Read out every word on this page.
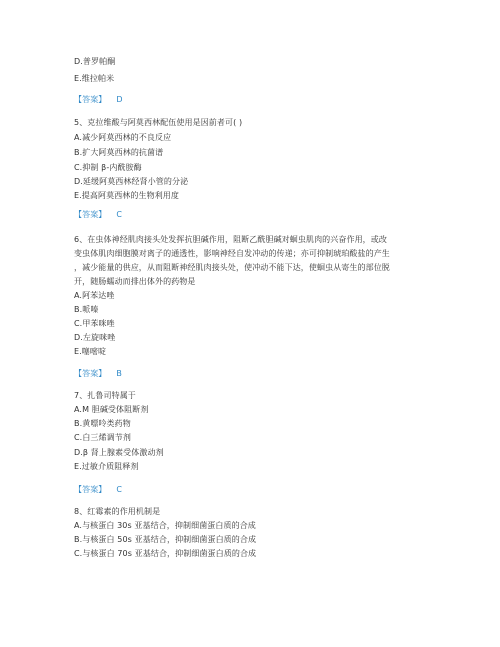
D.普罗帕酮
E.维拉帕米
【答案】 D
5、克拉维酸与阿莫西林配伍使用是因前者可( )
A.减少阿莫西林的不良反应
B.扩大阿莫西林的抗菌谱
C.抑制 β-内酰胺酶
D.延缓阿莫西林经肾小管的分泌
E.提高阿莫西林的生物利用度
【答案】 C
6、在虫体神经肌肉接头处发挥抗胆碱作用，阻断乙酰胆碱对蛔虫肌肉的兴奋作用，或改
变虫体肌肉细胞膜对离子的通透性，影响神经自发冲动的传递；亦可抑制琥珀酸盐的产生
，减少能量的供应，从而阻断神经肌肉接头处，使冲动不能下达，使蛔虫从寄生的部位脱
开，随肠蠕动而排出体外的药物是
A.阿苯达唑
B.哌嗪
C.甲苯咪唑
D.左旋咪唑
E.噻嘧啶
【答案】 B
7、扎鲁司特属于
A.M 胆碱受体阻断剂
B.黄嘌呤类药物
C.白三烯调节剂
D.β 肾上腺素受体激动剂
E.过敏介质阻释剂
【答案】 C
8、红霉素的作用机制是
A.与核蛋白 30s 亚基结合，抑制细菌蛋白质的合成
B.与核蛋白 50s 亚基结合，抑制细菌蛋白质的合成
C.与核蛋白 70s 亚基结合，抑制细菌蛋白质的合成
